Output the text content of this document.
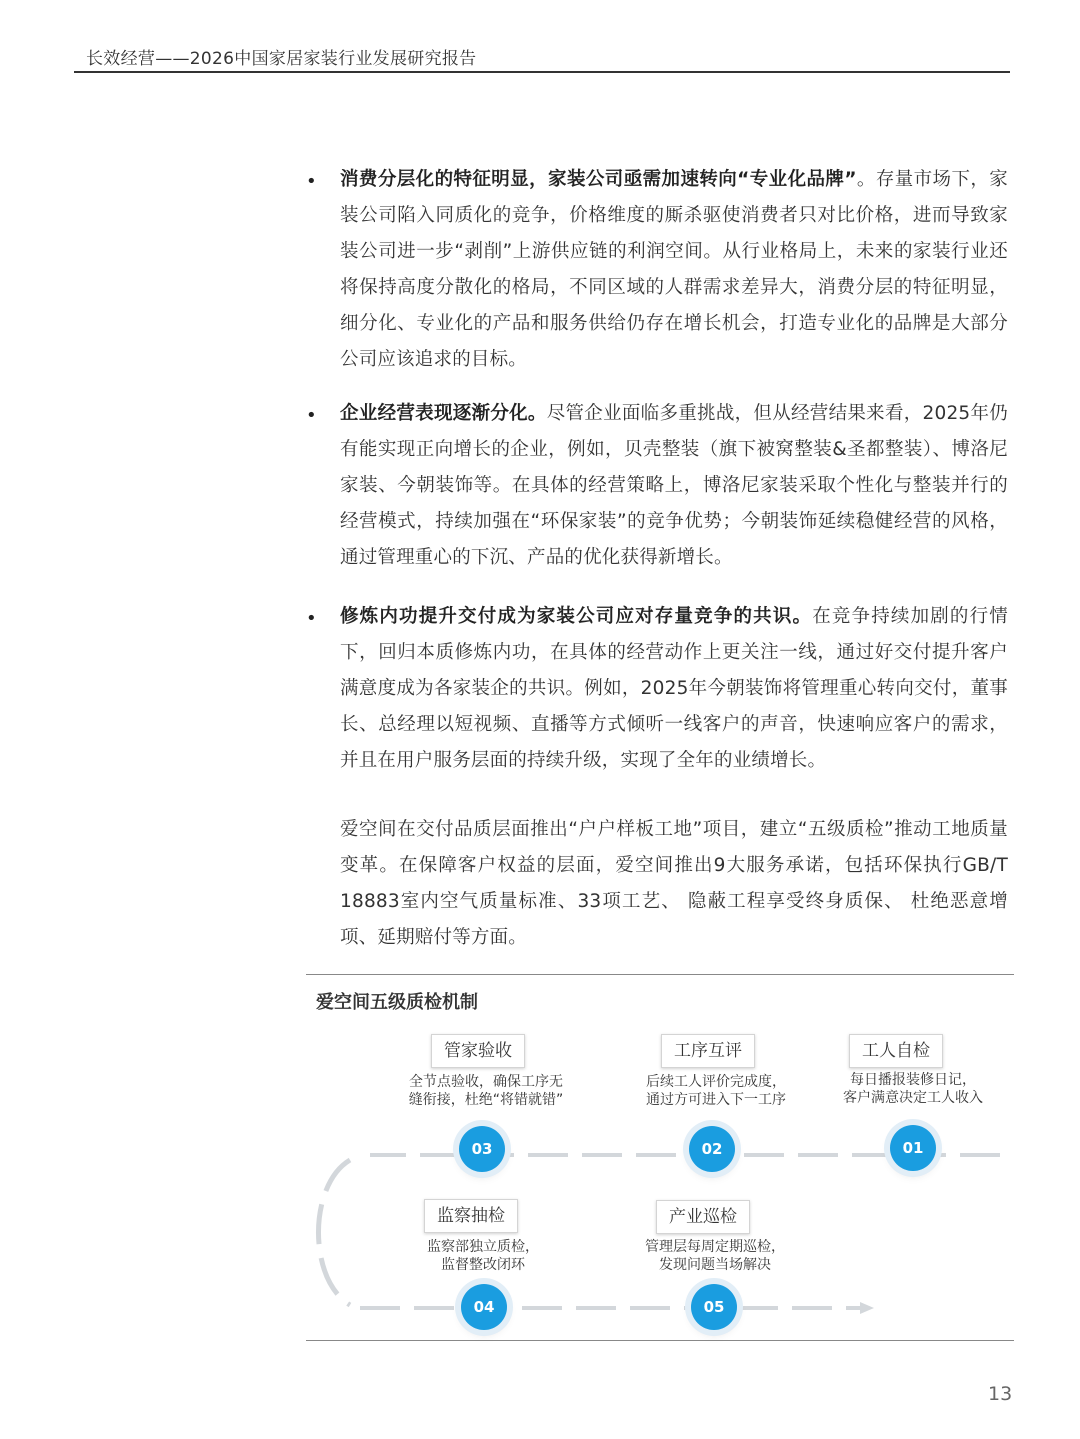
长效经营——2026中国家居家装行业发展研究报告
• 消费分层化的特征明显，家装公司亟需加速转向“专业化品牌”。存量市场下，家装公司陷入同质化的竞争，价格维度的厮杀驱使消费者只对比价格，进而导致家装公司进一步“剥削”上游供应链的利润空间。从行业格局上，未来的家装行业还将保持高度分散化的格局，不同区域的人群需求差异大，消费分层的特征明显，细分化、专业化的产品和服务供给仍存在增长机会，打造专业化的品牌是大部分公司应该追求的目标。
• 企业经营表现逐渐分化。尽管企业面临多重挑战，但从经营结果来看，2025年仍有能实现正向增长的企业，例如，贝壳整装（旗下被窝整装&圣都整装）、博洛尼家装、今朝装饰等。在具体的经营策略上，博洛尼家装采取个性化与整装并行的经营模式，持续加强在“环保家装”的竞争优势；今朝装饰延续稳健经营的风格，通过管理重心的下沉、产品的优化获得新增长。
• 修炼内功提升交付成为家装公司应对存量竞争的共识。在竞争持续加剧的行情下，回归本质修炼内功，在具体的经营动作上更关注一线，通过好交付提升客户满意度成为各家装企的共识。例如，2025年今朝装饰将管理重心转向交付，董事长、总经理以短视频、直播等方式倾听一线客户的声音，快速响应客户的需求，并且在用户服务层面的持续升级，实现了全年的业绩增长。
爱空间在交付品质层面推出“户户样板工地”项目，建立“五级质检”推动工地质量变革。在保障客户权益的层面，爱空间推出9大服务承诺，包括环保执行GB/T 18883室内空气质量标准、33项工艺、 隐蔽工程享受终身质保、 杜绝恶意增项、延期赔付等方面。
爱空间五级质检机制
管家验收
全节点验收，确保工序无
缝衔接，杜绝“将错就错”
03
工序互评
后续工人评价完成度，
通过方可进入下一工序
02
工人自检
每日播报装修日记，
客户满意决定工人收入
01
监察抽检
监察部独立质检，
监督整改闭环
04
产业巡检
管理层每周定期巡检，
发现问题当场解决
05
13
